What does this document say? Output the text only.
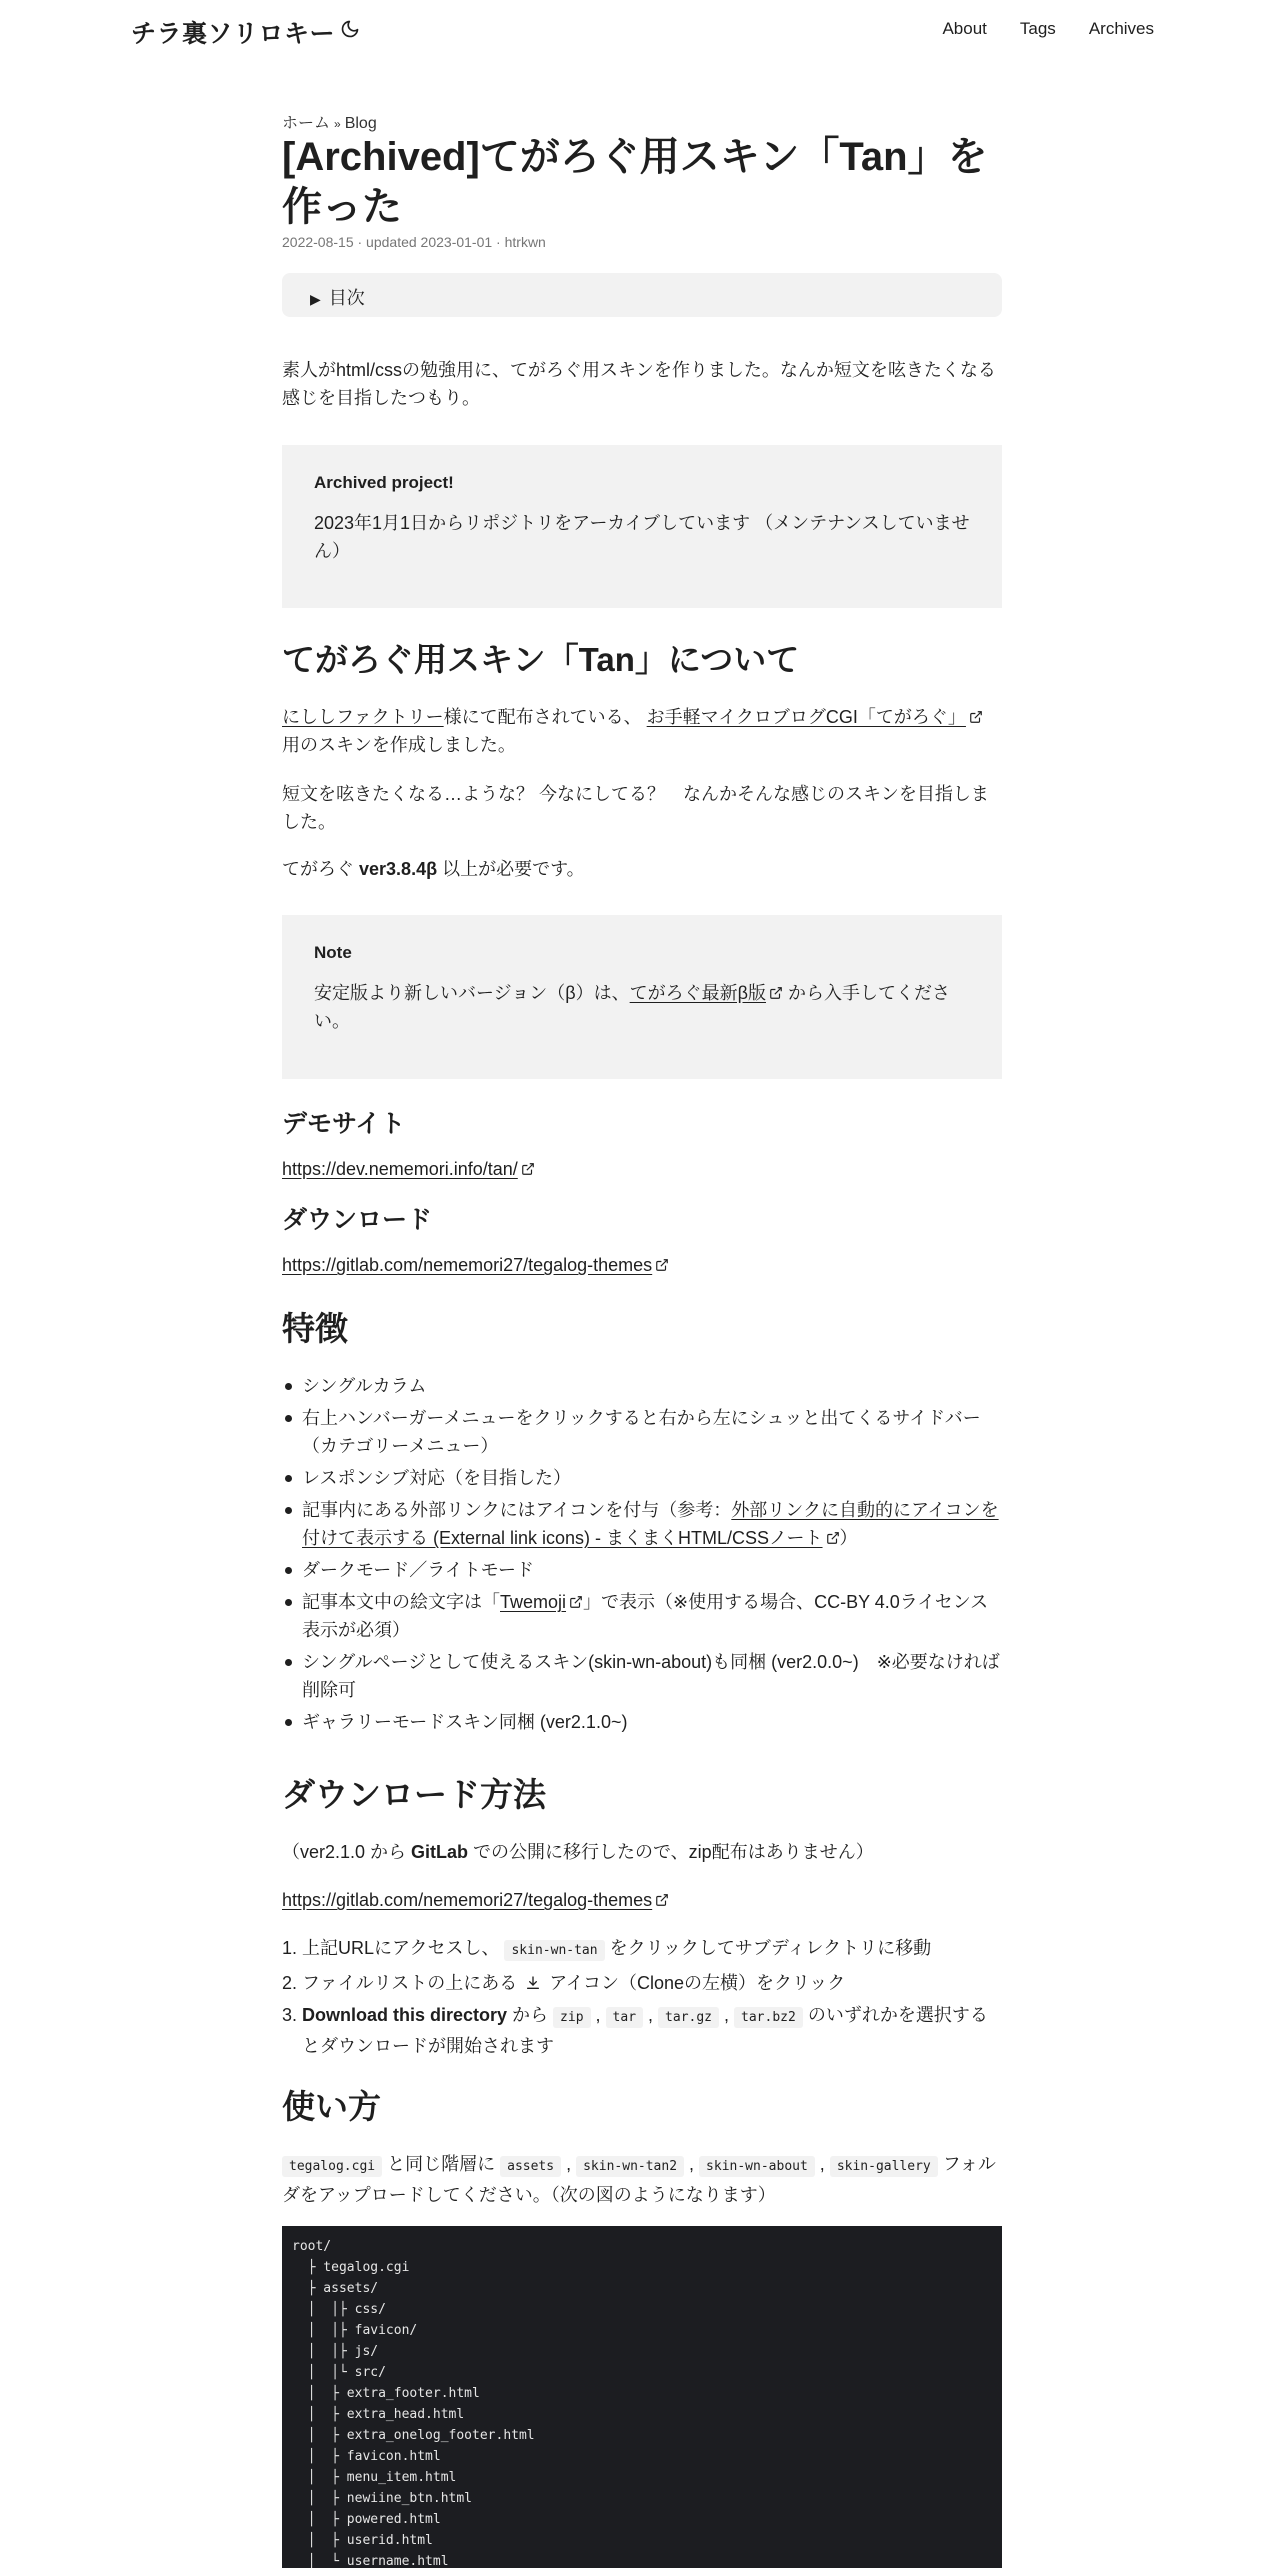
チラ裏ソリロキー	About Tags Archives
ホーム » Blog
[Archived]てがろぐ用スキン「Tan」を作った
2022-08-15 · updated 2023-01-01 · htrkwn
▶ 目次

素人がhtml/cssの勉強用に、てがろぐ用スキンを作りました。なんか短文を呟きたくなる感じを目指したつもり。

Archived project!
2023年1月1日からリポジトリをアーカイブしています （メンテナンスしていません）
てがろぐ用スキン「Tan」について

にししファクトリー様にて配布されている、 お手軽マイクロブログCGI「てがろぐ」 用のスキンを作成しました。

短文を呟きたくなる…ような？ 今なにしてる？　なんかそんな感じのスキンを目指しました。

てがろぐ ver3.8.4β 以上が必要です。

Note
安定版より新しいバージョン（β）は、てがろぐ最新β版 から入手してください。
デモサイト

https://dev.nememori.info/tan/

ダウンロード

https://gitlab.com/nememori27/tegalog-themes

特徴
シングルカラム
右上ハンバーガーメニューをクリックすると右から左にシュッと出てくるサイドバー（カテゴリーメニュー）
レスポンシブ対応（を目指した）
記事内にある外部リンクにはアイコンを付与（参考：外部リンクに自動的にアイコンを付けて表示する (External link icons) - まくまくHTML/CSSノート ）
ダークモード／ライトモード
記事本文中の絵文字は「Twemoji 」で表示（※使用する場合、CC-BY 4.0ライセンス表示が必須）
シングルページとして使えるスキン(skin-wn-about)も同梱 (ver2.0.0~)　※必要なければ削除可
ギャラリーモードスキン同梱 (ver2.1.0~)
ダウンロード方法

（ver2.1.0 から GitLab での公開に移行したので、zip配布はありません）

https://gitlab.com/nememori27/tegalog-themes

1. 上記URLにアクセスし、 skin-wn-tan をクリックしてサブディレクトリに移動
2. ファイルリストの上にある アイコン（Cloneの左横）をクリック
3. Download this directory から zip , tar , tar.gz , tar.bz2 のいずれかを選択するとダウンロードが開始されます
使い方

tegalog.cgi と同じ階層に assets , skin-wn-tan2 , skin-wn-about , skin-gallery フォルダをアップロードしてください。（次の図のようになります）

root/
├ tegalog.cgi
├ assets/
│  │├ css/
│  │├ favicon/
│  │├ js/
│  │└ src/
│  ├ extra_footer.html
│  ├ extra_head.html
│  ├ extra_onelog_footer.html
│  ├ favicon.html
│  ├ menu_item.html
│  ├ newiine_btn.html
│  ├ powered.html
│  ├ userid.html
│  └ username.html
